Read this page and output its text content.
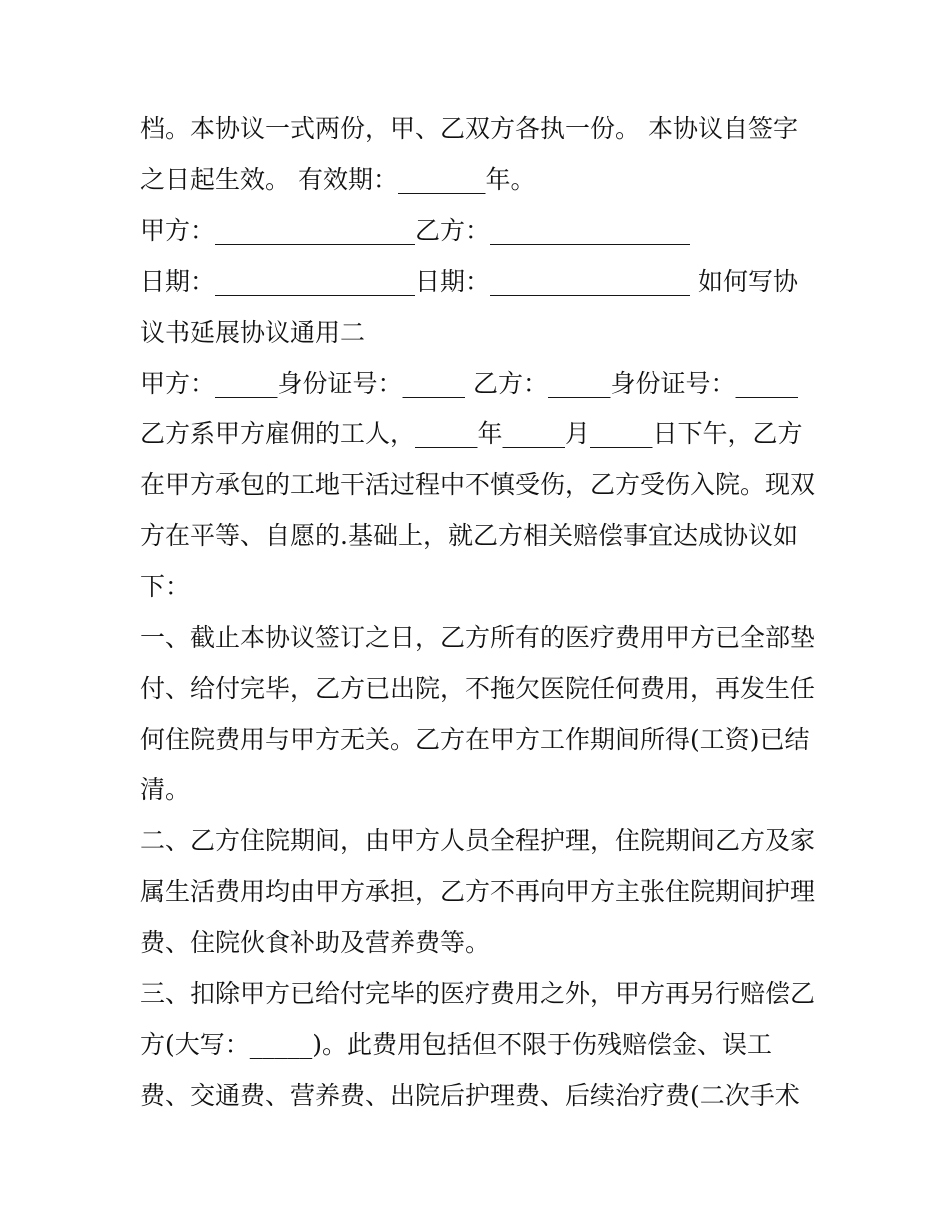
档。本协议一式两份，甲、乙双方各执一份。 本协议自签字
之日起生效。 有效期：_______年。
甲方：________________乙方：________________
日期：________________日期：________________ 如何写协
议书延展协议通用二
甲方：_____身份证号：_____ 乙方：_____身份证号：_____
乙方系甲方雇佣的工人，_____年_____月_____日下午，乙方
在甲方承包的工地干活过程中不慎受伤，乙方受伤入院。现双
方在平等、自愿的.基础上，就乙方相关赔偿事宜达成协议如
下：
一、截止本协议签订之日，乙方所有的医疗费用甲方已全部垫
付、给付完毕，乙方已出院，不拖欠医院任何费用，再发生任
何住院费用与甲方无关。乙方在甲方工作期间所得(工资)已结
清。
二、乙方住院期间，由甲方人员全程护理，住院期间乙方及家
属生活费用均由甲方承担，乙方不再向甲方主张住院期间护理
费、住院伙食补助及营养费等。
三、扣除甲方已给付完毕的医疗费用之外，甲方再另行赔偿乙
方(大写：_____)。此费用包括但不限于伤残赔偿金、误工
费、交通费、营养费、出院后护理费、后续治疗费(二次手术
